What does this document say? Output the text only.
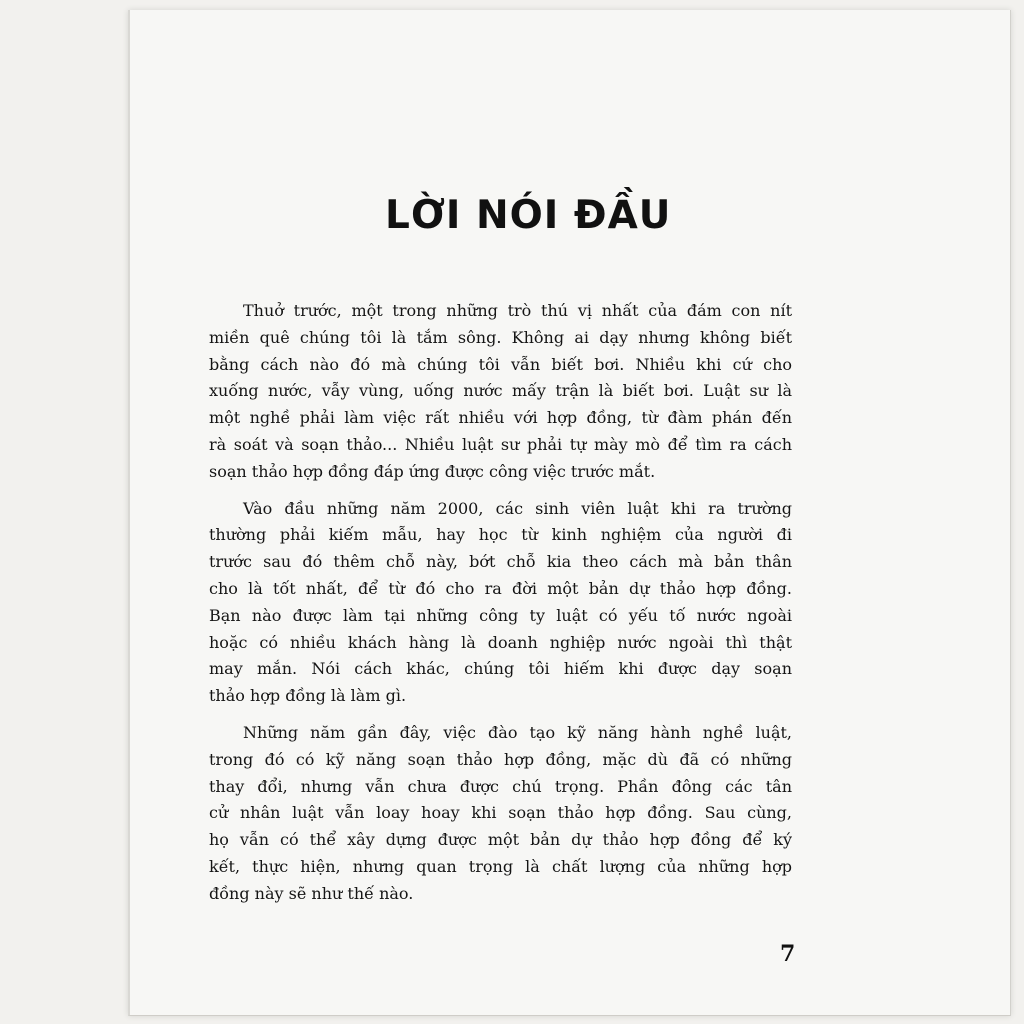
LỜI NÓI ĐẦU

Thuở trước, một trong những trò thú vị nhất của đám con nít
miền quê chúng tôi là tắm sông. Không ai dạy nhưng không biết
bằng cách nào đó mà chúng tôi vẫn biết bơi. Nhiều khi cứ cho
xuống nước, vẫy vùng, uống nước mấy trận là biết bơi. Luật sư là
một nghề phải làm việc rất nhiều với hợp đồng, từ đàm phán đến
rà soát và soạn thảo... Nhiều luật sư phải tự mày mò để tìm ra cách
soạn thảo hợp đồng đáp ứng được công việc trước mắt.

Vào đầu những năm 2000, các sinh viên luật khi ra trường
thường phải kiếm mẫu, hay học từ kinh nghiệm của người đi
trước sau đó thêm chỗ này, bớt chỗ kia theo cách mà bản thân
cho là tốt nhất, để từ đó cho ra đời một bản dự thảo hợp đồng.
Bạn nào được làm tại những công ty luật có yếu tố nước ngoài
hoặc có nhiều khách hàng là doanh nghiệp nước ngoài thì thật
may mắn. Nói cách khác, chúng tôi hiếm khi được dạy soạn
thảo hợp đồng là làm gì.

Những năm gần đây, việc đào tạo kỹ năng hành nghề luật,
trong đó có kỹ năng soạn thảo hợp đồng, mặc dù đã có những
thay đổi, nhưng vẫn chưa được chú trọng. Phần đông các tân
cử nhân luật vẫn loay hoay khi soạn thảo hợp đồng. Sau cùng,
họ vẫn có thể xây dựng được một bản dự thảo hợp đồng để ký
kết, thực hiện, nhưng quan trọng là chất lượng của những hợp
đồng này sẽ như thế nào.

7
